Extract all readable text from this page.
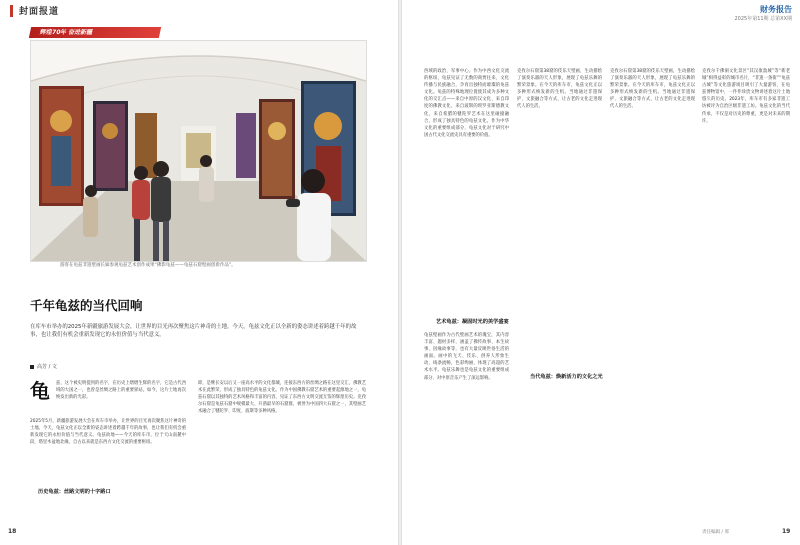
封面报道
辉煌70年 奋进新疆
游客在龟兹非遗壁画长廊参观龟兹艺术创作成果“佛影龟兹——龟兹石窟壁画创新作品”。
千年龟兹的当代回响
在库车市举办的2025年新疆旅游发展大会，让世界的目光再次聚焦这片神奇的土地。今天，龟兹文化正以全新的姿态讲述着跨越千年的故事，也让我们有机会重新发现它的永恒价值与当代意义。
高芳 / 文
龟	兹，这个被史明提到的名字，在历史上熠熠生辉的名字，它是古代西域的大国之一，也曾是丝绸之路上的重要驿站。如今，这片土地再次焕发出新的光彩。
2025年5月，新疆旅游发展大会在库车市举办，让世界的目光再次聚焦这片神奇的土地。今天，龟兹文化正以全新的姿态讲述着跨越千年的故事，也让我们有机会重新发现它的永恒价值与当代意义。龟兹故地——今天的库车市，位于天山南麓中段，塔里木盆地北缘，自古以来就是东西方文化交流的重要枢纽。
历史龟兹：丝路文明的十字路口
即，是继长安以后又一座高水平的文化都城，连接东西方的丝绸之路在这里交汇，佛教艺术在此繁荣，形成了独具特色的龟兹文化。作为中国佛教石窟艺术的重要起源地之一，龟兹石窟以其独特的艺术风格和丰富的内容，见证了东西方文明交流互鉴的辉煌历史。克孜尔石窟是龟兹石窟中规模最大、开凿最早的石窟群，被誉为中国四大石窟之一，其壁画艺术融合了犍陀罗、印度、波斯等多种风格。
18
财务报告
2025年第11期 总第XX期
西域的政治、军事中心。作为中西文化交流的枢纽，龟兹见证了无数的商贾往来、文化传播与民族融合，孕育出独特而璀璨的龟兹文化。龟兹的特殊地理位置使其成为多种文化的交汇点——来自中原的汉文化、来自印度的佛教文化、来自波斯的琐罗亚斯德教文化，来自希腊的犍陀罗艺术在这里碰撞融合，形成了独具特色的龟兹文化。作为中华文化的重要组成部分，龟兹文化对于研究中国古代文化交流史具有重要的价值。
艺术龟兹：凝固时光的美学盛宴
龟兹壁画作为古代壁画艺术的瑰宝，其内容丰富、题材多样，涵盖了佛传故事、本生故事、因缘故事等，也有大量反映世俗生活的画面。画中的飞天、伎乐、供养人形象生动，线条流畅，色彩绚丽，体现了高超的艺术水平。龟兹乐舞也是龟兹文化的重要组成部分，对中原音乐产生了深远影响。
克孜尔石窟第38窟的伎乐天壁画，生动描绘了演奏乐器的天人形象，展现了龟兹乐舞的繁荣景象。在今天的库车市，龟兹文化正以多种形式焕发新的生机。当地通过非遗保护、文旅融合等方式，让古老的文化走进现代人的生活。
当代龟兹：焕新活力的文化之光
克孜尔石窟第38窟的伎乐天壁画，生动描绘了演奏乐器的天人形象，展现了龟兹乐舞的繁荣景象。在今天的库车市，龟兹文化正以多种形式焕发新的生机。当地通过非遗保护、文旅融合等方式，让古老的文化走进现代人的生活。
克孜尔千佛洞文化景区“其汉康敦城”等“新老城”相得益彰的城市名片，“非遗一条街”“龟兹古城”等文化旅游项目吸引了大量游客，在龟兹博物馆中，一件件珍贵文物讲述着这片土地悠久的历史。2023年，库车市有多家非遗工坊被评为自治区级非遗工坊。龟兹文化的当代传承，不仅是对历史的尊重，更是对未来的期许。
责任编辑 / 邢	19
